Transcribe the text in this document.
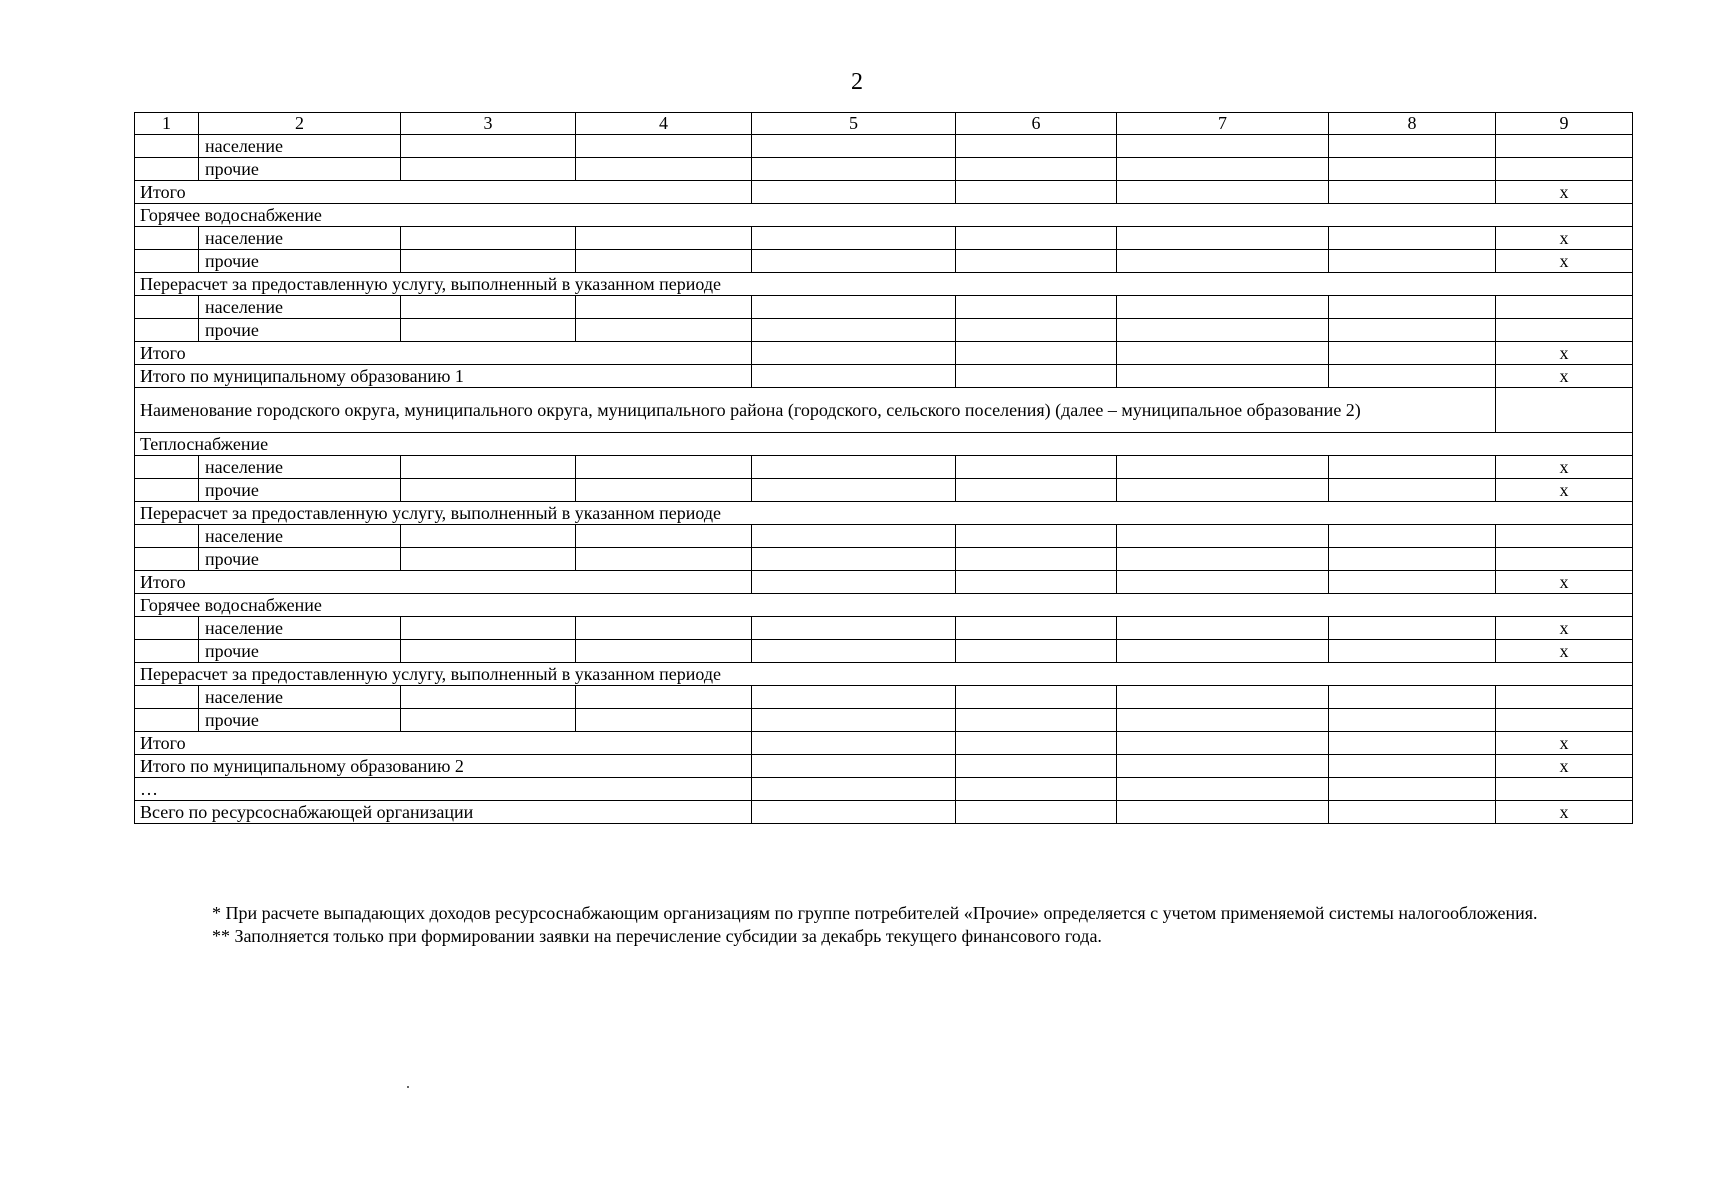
2
1	2	3	4	5	6	7	8	9
	население							
	прочие							
Итого								x
Горячее водоснабжение								
	население							x
	прочие							x
Перерасчет за предоставленную услугу, выполненный в указанном периоде								
	население							
	прочие							
Итого								x
Итого по муниципальному образованию 1								x
Наименование городского округа, муниципального округа, муниципального района (городского, сельского поселения) (далее – муниципальное образование 2)								
Теплоснабжение								
	население							x
	прочие							x
Перерасчет за предоставленную услугу, выполненный в указанном периоде								
	население							
	прочие							
Итого								x
Горячее водоснабжение								
	население							x
	прочие							x
Перерасчет за предоставленную услугу, выполненный в указанном периоде								
	население							
	прочие							
Итого								x
Итого по муниципальному образованию 2								x
…								
Всего по ресурсоснабжающей организации								x

* При расчете выпадающих доходов ресурсоснабжающим организациям по группе потребителей «Прочие» определяется с учетом применяемой системы налогообложения.

** Заполняется только при формировании заявки на перечисление субсидии за декабрь текущего финансового года.
